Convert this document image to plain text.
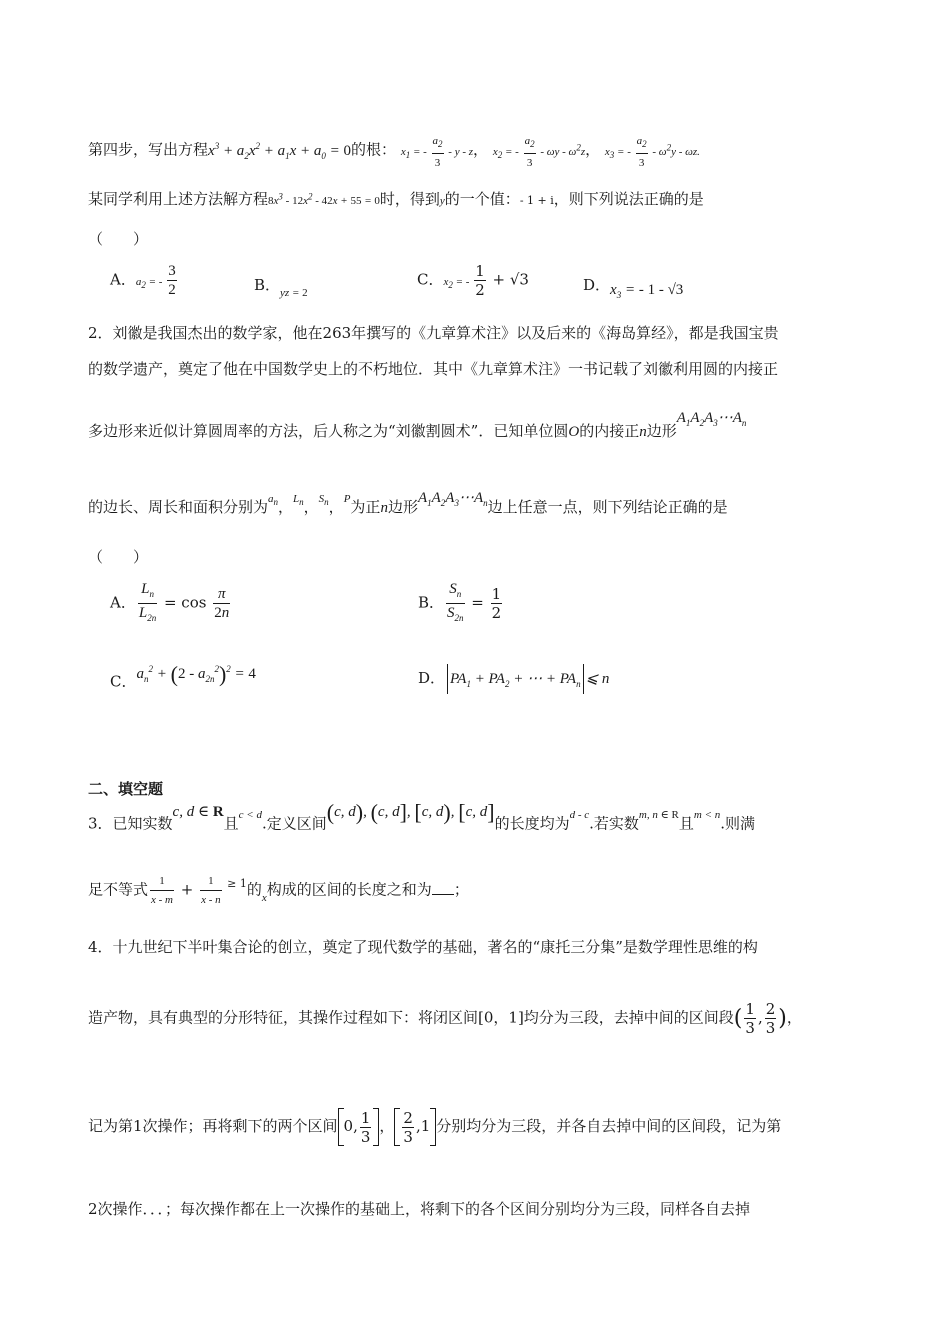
第四步，写出方程$x^3 + a_2x^2 + a_1x + a_0 = 0$的根： $x_1$ = - $\frac{a_2}{3}$ - y - z， $x_2$ = - $\frac{a_2}{3}$ - ωy - $\omega^2z$， $x_3$ = - $\frac{a_2}{3} - \omega^2y$ - ωz.
某同学利用上述方法解方程$8x^3 - 12x^2 - 42x + 55 = 0$时，得到y的一个值：- 1 + i，则下列说法正确的是
（　　）
A．$a_2$ = - $\frac{3}{2}$	B．$_{yz = 2}$
C．$x_2$ = - $\frac{1}{2} + √3$	D．$x_3$ = - 1 - √3
2．刘徽是我国杰出的数学家，他在263年撰写的《九章算术注》以及后来的《海岛算经》，都是我国宝贵
的数学遗产，奠定了他在中国数学史上的不朽地位．其中《九章算术注》一书记载了刘徽利用圆的内接正
多边形来近似计算圆周率的方法，后人称之为“刘徽割圆术”．已知单位圆O的内接正n边形$A_1A_2A_3\cdots A_n$
的边长、周长和面积分别为$^{a_n}$，$^{L_n}$，$^{S_n}$，$^P$为正n边形$A_1A_2A_3\cdots A_n$边上任意一点，则下列结论正确的是
（　　）
A． $\frac{L_n}{L_{2n}} = \cos \frac{\pi}{2n}$	B． $\frac{S_n}{S_{2n}} = \frac{1}{2}$
C．$a_n^2 + (2 - a_{2n}^2)^2 = 4$	D． $PA_1 + PA_2$ + ⋯ + $PA_n$ ⩽ n
二、填空题
3．已知实数c, d ∈ R且$^{c < d}$.定义区间(c, d), (c, d], [c, d), [c, d]的长度均为$^{d - c}$.若实数$^{m, n \in R}$且$^{m < n}$.则满
足不等式 $\frac{1}{x - m} + \frac{1}{x - n} ^{\ge 1}$的$_x$构成的区间的长度之和为 ；
4．十九世纪下半叶集合论的创立，奠定了现代数学的基础，著名的“康托三分集”是数学理性思维的构
造产物，具有典型的分形特征，其操作过程如下：将闭区间[0，1]均分为三段，去掉中间的区间段( $\frac{1}{3}$ , $\frac{2}{3}$ )，
记为第1次操作；再将剩下的两个区间 0, $\frac{1}{3}$ ， $\frac{2}{3} ,1$ 分别均分为三段，并各自去掉中间的区间段，记为第
2次操作．．．；每次操作都在上一次操作的基础上，将剩下的各个区间分别均分为三段，同样各自去掉
